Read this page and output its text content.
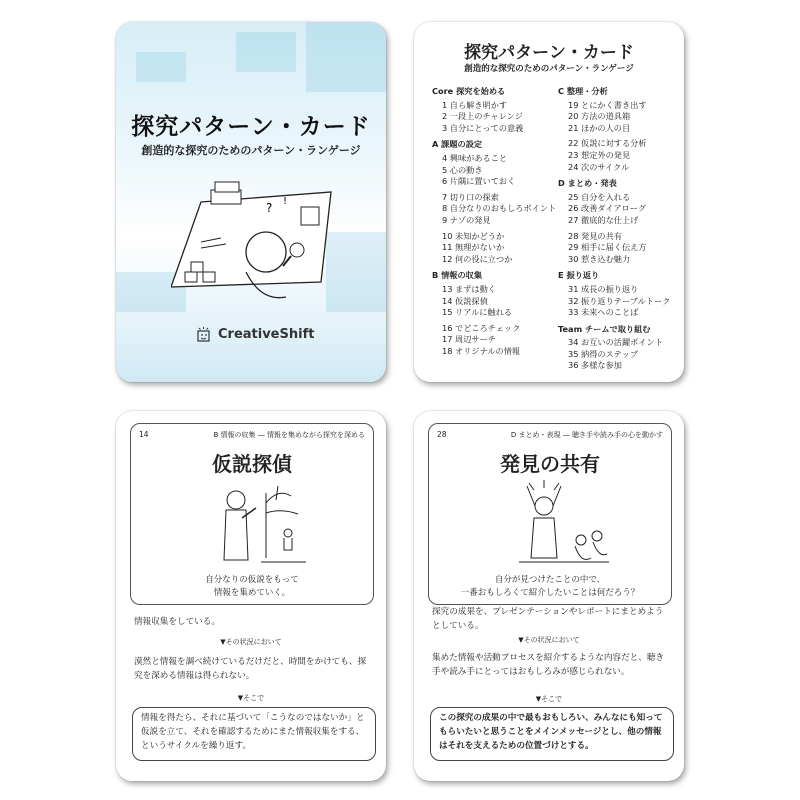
探究パターン・カード
創造的な探究のためのパターン・ランゲージ
? !
CreativeShift
探究パターン・カード
創造的な探究のためのパターン・ランゲージ
Core 探究を始める
1 自ら解き明かす
2 一段上のチャレンジ
3 自分にとっての意義
A 課題の設定
4 興味があること
5 心の動き
6 片隅に置いておく
7 切り口の探索
8 自分なりのおもしろポイント
9 ナゾの発見
10 未知かどうか
11 無理がないか
12 何の役に立つか
B 情報の収集
13 まずは動く
14 仮説探偵
15 リアルに触れる
16 でどころチェック
17 周辺サーチ
18 オリジナルの情報
C 整理・分析
19 とにかく書き出す
20 方法の道具箱
21 ほかの人の目
22 仮説に対する分析
23 想定外の発見
24 次のサイクル
D まとめ・発表
25 自分を入れる
26 改善ダイアローグ
27 徹底的な仕上げ
28 発見の共有
29 相手に届く伝え方
30 惹き込む魅力
E 振り返り
31 成長の振り返り
32 振り返りテーブルトーク
33 未来へのことば
Team チームで取り組む
34 お互いの活躍ポイント
35 納得のステップ
36 多様な参加
14	B 情報の収集 ― 情報を集めながら探究を深める
仮説探偵
自分なりの仮説をもって
情報を集めていく。
情報収集をしている。
▼その状況において
漠然と情報を調べ続けているだけだと、時間をかけても、探究を深める情報は得られない。
▼そこで
情報を得たら、それに基づいて「こうなのではないか」と仮説を立て、それを確認するためにまた情報収集をする、というサイクルを繰り返す。
28	D まとめ・表現 ― 聴き手や読み手の心を動かす
発見の共有
自分が見つけたことの中で、
一番おもしろくて紹介したいことは何だろう？
探究の成果を、プレゼンテーションやレポートにまとめようとしている。
▼その状況において
集めた情報や活動プロセスを紹介するような内容だと、聴き手や読み手にとってはおもしろみが感じられない。
▼そこで
この探究の成果の中で最もおもしろい、みんなにも知ってもらいたいと思うことをメインメッセージとし、他の情報はそれを支えるための位置づけとする。
